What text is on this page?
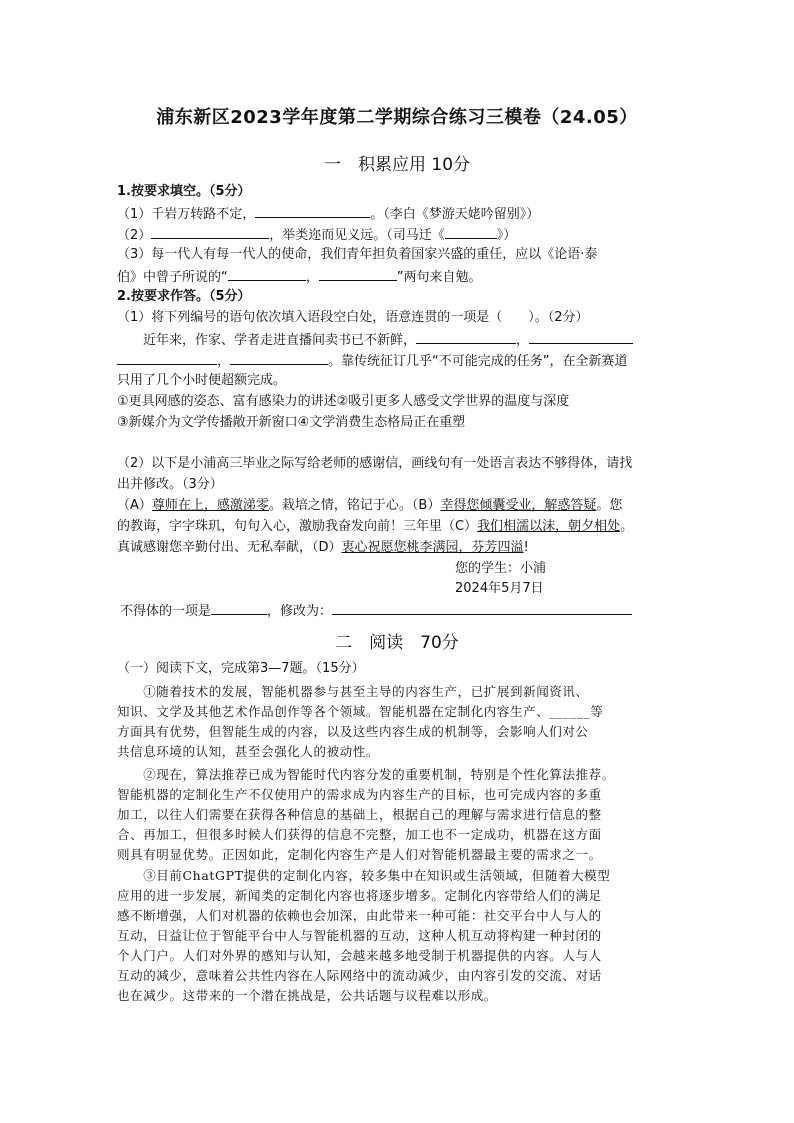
浦东新区2023学年度第二学期综合练习三模卷（24.05）
一　积累应用 10分
1.按要求填空。（5分）
（1）千岩万转路不定，	。（李白《梦游天姥吟留别》）
（2）	，举类迩而见义远。（司马迁《	》）
（3）每一代人有每一代人的使命，我们青年担负着国家兴盛的重任，应以《论语·泰
伯》中曾子所说的“	，	”两句来自勉。
2.按要求作答。（5分）
（1）将下列编号的语句依次填入语段空白处，语意连贯的一项是（　　）。（2分）
　　近年来，作家、学者走进直播间卖书已不新鲜，	，
，	。靠传统征订几乎“不可能完成的任务”，在全新赛道
只用了几个小时便超额完成。
①更具网感的姿态、富有感染力的讲述②吸引更多人感受文学世界的温度与深度
③新媒介为文学传播敞开新窗口④文学消费生态格局正在重塑
（2）以下是小浦高三毕业之际写给老师的感谢信，画线句有一处语言表达不够得体，请找
出并修改。（3分）
（A）尊师在上，感激涕零。栽培之情，铭记于心。（B）幸得您倾囊受业，解惑答疑。您
的教诲，字字珠玑，句句入心，激励我奋发向前！三年里（C）我们相濡以沫，朝夕相处。
真诚感谢您辛勤付出、无私奉献，（D）衷心祝愿您桃李满园，芬芳四溢!
您的学生：小浦
2024年5月7日
不得体的一项是	，修改为：
二　阅读　70分
（一）阅读下文，完成第3—7题。（15分）
　　①随着技术的发展，智能机器参与甚至主导的内容生产，已扩展到新闻资讯、
知识、文学及其他艺术作品创作等各个领域。智能机器在定制化内容生产、______等
方面具有优势，但智能生成的内容，以及这些内容生成的机制等，会影响人们对公
共信息环境的认知，甚至会强化人的被动性。
　　②现在，算法推荐已成为智能时代内容分发的重要机制，特别是个性化算法推荐。
智能机器的定制化生产不仅使用户的需求成为内容生产的目标，也可完成内容的多重
加工，以往人们需要在获得各种信息的基础上，根据自己的理解与需求进行信息的整
合、再加工，但很多时候人们获得的信息不完整，加工也不一定成功，机器在这方面
则具有明显优势。正因如此，定制化内容生产是人们对智能机器最主要的需求之一。
　　③目前ChatGPT提供的定制化内容，较多集中在知识或生活领域，但随着大模型
应用的进一步发展，新闻类的定制化内容也将逐步增多。定制化内容带给人们的满足
感不断增强，人们对机器的依赖也会加深，由此带来一种可能：社交平台中人与人的
互动，日益让位于智能平台中人与智能机器的互动，这种人机互动将构建一种封闭的
个人门户。人们对外界的感知与认知，会越来越多地受制于机器提供的内容。人与人
互动的减少，意味着公共性内容在人际网络中的流动减少，由内容引发的交流、对话
也在减少。这带来的一个潜在挑战是，公共话题与议程难以形成。
